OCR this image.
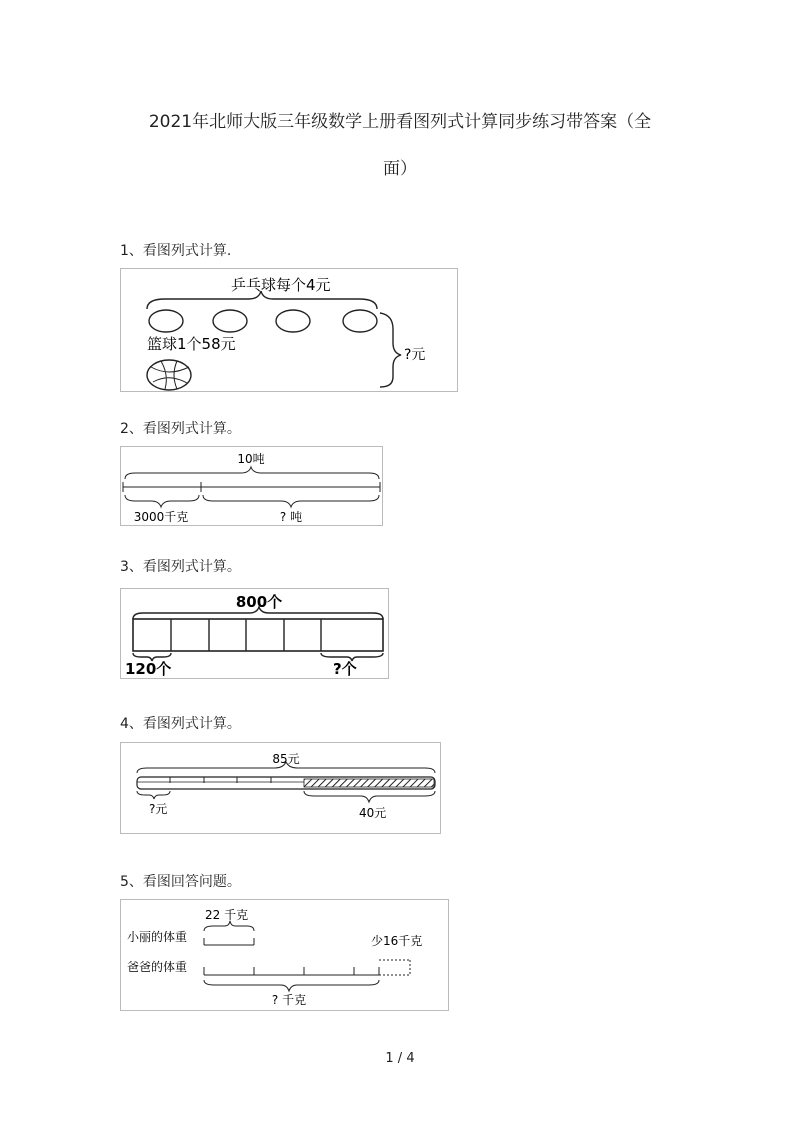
2021年北师大版三年级数学上册看图列式计算同步练习带答案（全
面）
1、看图列式计算.
乒乓球每个4元
篮球1个58元
?元
2、看图列式计算。
10吨
3000千克	? 吨
3、看图列式计算。
800个
120个	?个
4、看图列式计算。
85元
?元	40元
5、看图回答问题。
22 千克
小丽的体重	少16千克
爸爸的体重
? 千克
1 / 4
